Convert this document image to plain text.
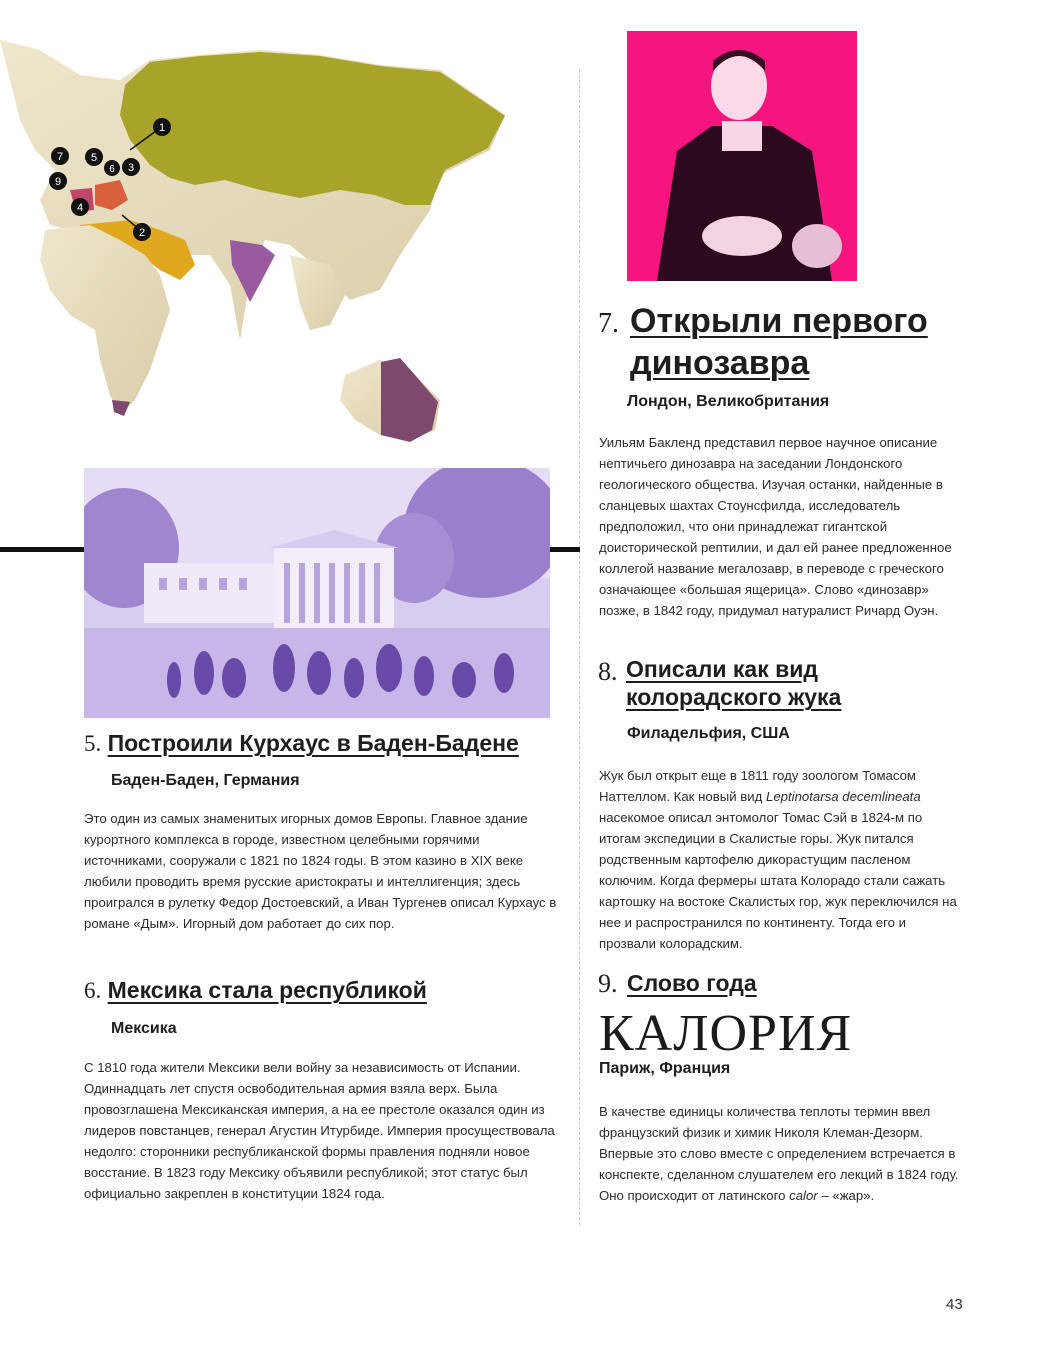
1
2
3
4
5
6
7
9
5. Построили Курхаус в Баден-Бадене
Баден-Баден, Германия
Это один из самых знаменитых игорных домов Европы. Главное здание курортного комплекса в городе, известном целебными горячими источниками, сооружали с 1821 по 1824 годы. В этом казино в XIX веке любили проводить время русские аристократы и интеллигенция; здесь проигрался в рулетку Федор Достоевский, а Иван Тургенев описал Курхаус в романе «Дым». Игорный дом работает до сих пор.
6. Мексика стала республикой
Мексика
С 1810 года жители Мексики вели войну за независимость от Испании. Одиннадцать лет спустя освободительная армия взяла верх. Была провозглашена Мексиканская империя, а на ее престоле оказался один из лидеров повстанцев, генерал Агустин Итурбиде. Империя просуществовала недолго: сторонники республиканской формы правления подняли новое восстание. В 1823 году Мексику объявили республикой; этот статус был официально закреплен в конституции 1824 года.
7. Открыли первого динозавра
Лондон, Великобритания
Уильям Бакленд представил первое научное описание нептичьего динозавра на заседании Лондонского геологического общества. Изучая останки, найденные в сланцевых шахтах Стоунсфилда, исследователь предположил, что они принадлежат гигантской доисторической рептилии, и дал ей ранее предложенное коллегой название мегалозавр, в переводе с греческого означающее «большая ящерица». Слово «динозавр» позже, в 1842 году, придумал натуралист Ричард Оуэн.
8. Описали как вид колорадского жука
Филадельфия, США
Жук был открыт еще в 1811 году зоологом Томасом Наттеллом. Как новый вид Leptinotarsa decemlineata насекомое описал энтомолог Томас Сэй в 1824-м по итогам экспедиции в Скалистые горы. Жук питался родственным картофелю дикорастущим пасленом колючим. Когда фермеры штата Колорадо стали сажать картошку на востоке Скалистых гор, жук переключился на нее и распространился по континенту. Тогда его и прозвали колорадским.
9. Слово года
КАЛОРИЯ
Париж, Франция
В качестве единицы количества теплоты термин ввел французский физик и химик Николя Клеман-Дезорм. Впервые это слово вместе с определением встречается в конспекте, сделанном слушателем его лекций в 1824 году. Оно происходит от латинского calor – «жар».
43
